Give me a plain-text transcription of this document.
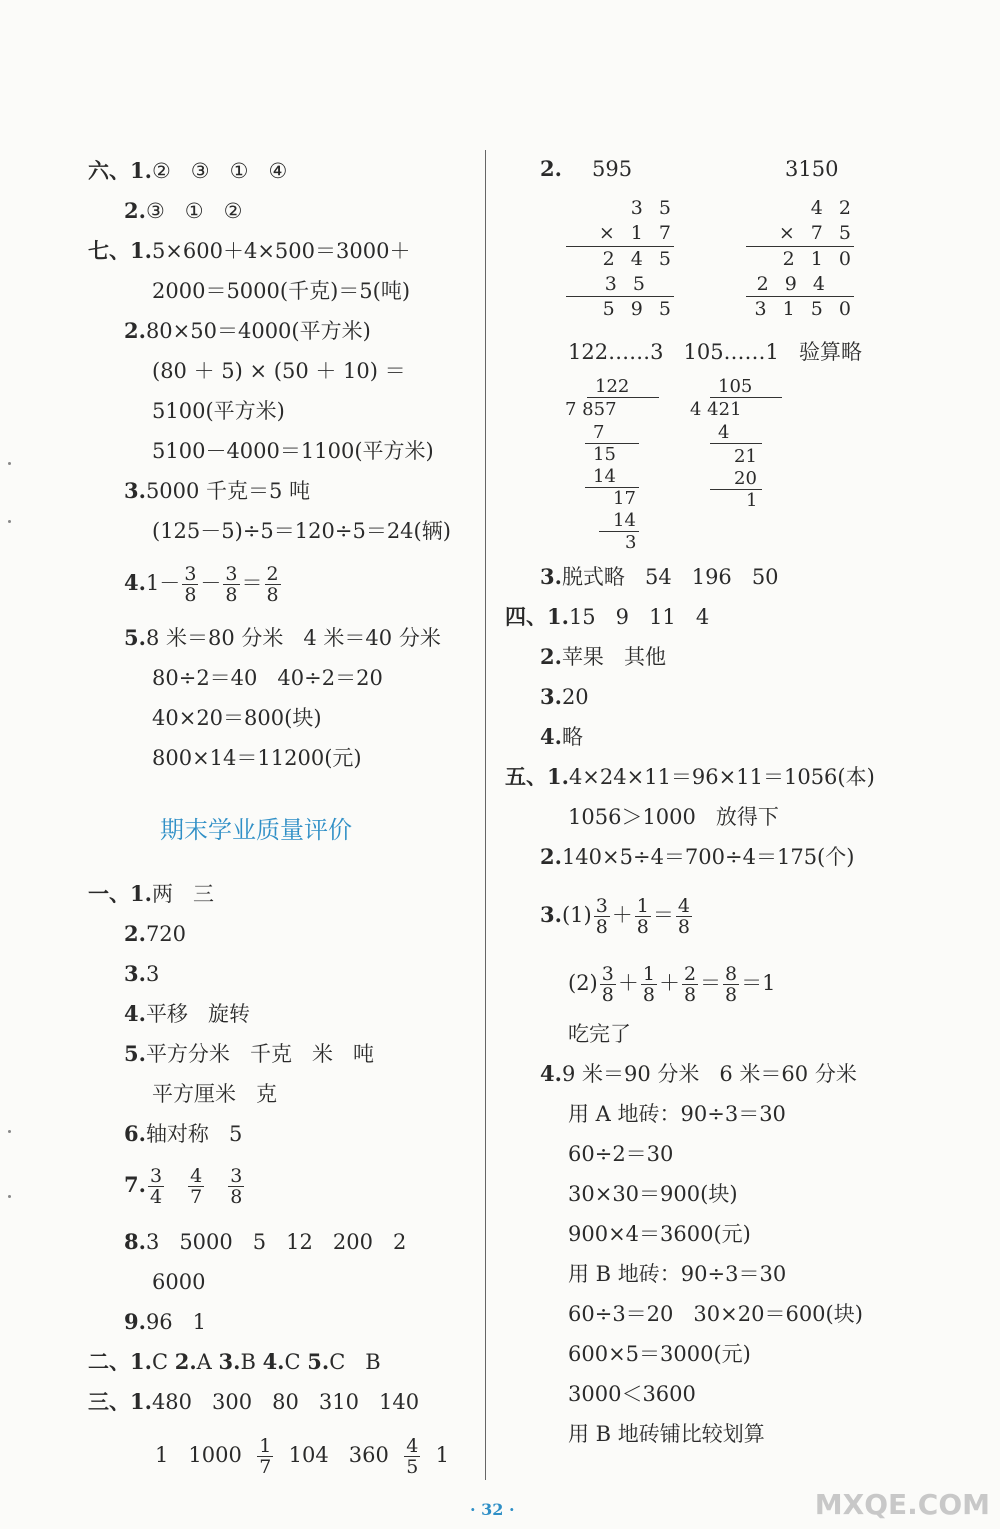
六、1.②   ③   ①   ④
2.③   ①   ②
七、1.5×600＋4×500＝3000＋
2000＝5000(千克)＝5(吨)
2.80×50＝4000(平方米)
(80 ＋ 5) × (50 ＋ 10) ＝
5100(平方米)
5100－4000＝1100(平方米)
3.5000 千克＝5 吨
(125－5)÷5＝120÷5＝24(辆)
$4.1- \frac{3}{8} - \frac{3}{8} = \frac{2}{8}$
5.8 米＝80 分米   4 米＝40 分米
80÷2＝40   40÷2＝20
40×20＝800(块)
800×14＝11200(元)
期末学业质量评价
一、1.两   三
2.720
3.3
4.平移   旋转
5.平方分米   千克   米   吨
平方厘米   克
6.轴对称   5
7. $\frac{3}{4}$
$\frac{4}{7}$
$\frac{3}{8}$
8.3   5000   5   12   200   2
6000
9.96   1
二、1.C 2.A 3.B 4.C 5.C   B
三、1.480   300   80   310   140
1   $1000 \frac{1}{7} 104$   $360 \frac{4}{5} 1$
2. 595	3150
3 5
× 1 7
2 4 5
3 5
5 9 5
4 2
× 7 5
2 1 0
2 9 4
3 1 5 0
122……3   105……1   验算略
122
7 857
7
15
14
17
14
3
105
4 421
4
21
20
1
3.脱式略   54   196   50
四、1.15   9   11   4
2.苹果   其他
3.20
4.略
五、1.4×24×11＝96×11＝1056(本)
1056＞1000   放得下
2.140×5÷4＝700÷4＝175(个)
$3.(1) \frac{3}{8} + \frac{1}{8} = \frac{4}{8}$
$(2) \frac{3}{8} + \frac{1}{8} + \frac{2}{8} = \frac{8}{8} =1$
吃完了
4.9 米＝90 分米   6 米＝60 分米
用 A 地砖：90÷3＝30
60÷2＝30
30×30＝900(块)
900×4＝3600(元)
用 B 地砖：90÷3＝30
60÷3＝20   30×20＝600(块)
600×5＝3000(元)
3000＜3600
用 B 地砖铺比较划算
· 32 ·	MXQE.COM
